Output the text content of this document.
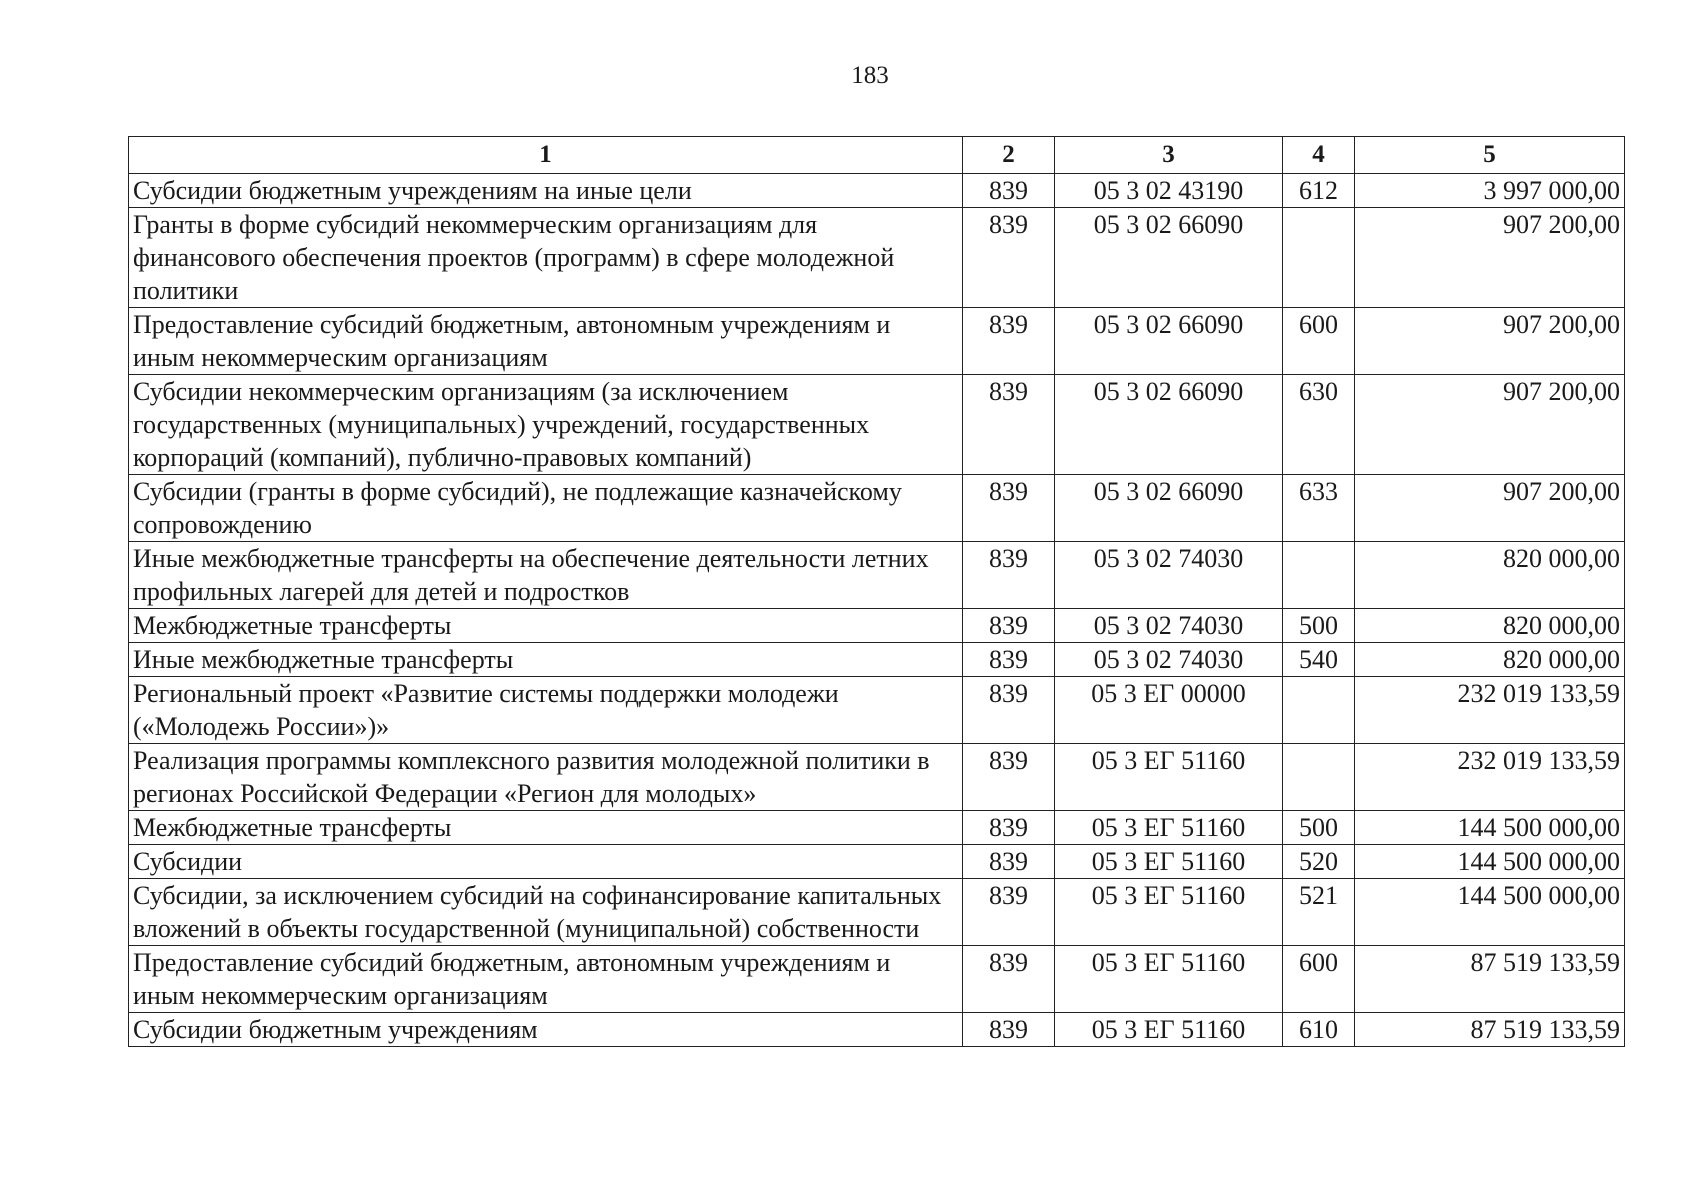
183
1	2	3	4	5
Субсидии бюджетным учреждениям на иные цели	839	05 3 02 43190	612	3 997 000,00
Гранты в форме субсидий некоммерческим организациям для финансового обеспечения проектов (программ) в сфере молодежной политики	839	05 3 02 66090		907 200,00
Предоставление субсидий бюджетным, автономным учреждениям и иным некоммерческим организациям	839	05 3 02 66090	600	907 200,00
Субсидии некоммерческим организациям (за исключением государственных (муниципальных) учреждений, государственных корпораций (компаний), публично-правовых компаний)	839	05 3 02 66090	630	907 200,00
Субсидии (гранты в форме субсидий), не подлежащие казначейскому сопровождению	839	05 3 02 66090	633	907 200,00
Иные межбюджетные трансферты на обеспечение деятельности летних профильных лагерей для детей и подростков	839	05 3 02 74030		820 000,00
Межбюджетные трансферты	839	05 3 02 74030	500	820 000,00
Иные межбюджетные трансферты	839	05 3 02 74030	540	820 000,00
Региональный проект «Развитие системы поддержки молодежи («Молодежь России»)»	839	05 3 ЕГ 00000		232 019 133,59
Реализация программы комплексного развития молодежной политики в регионах Российской Федерации «Регион для молодых»	839	05 3 ЕГ 51160		232 019 133,59
Межбюджетные трансферты	839	05 3 ЕГ 51160	500	144 500 000,00
Субсидии	839	05 3 ЕГ 51160	520	144 500 000,00
Субсидии, за исключением субсидий на софинансирование капитальных вложений в объекты государственной (муниципальной) собственности	839	05 3 ЕГ 51160	521	144 500 000,00
Предоставление субсидий бюджетным, автономным учреждениям и иным некоммерческим организациям	839	05 3 ЕГ 51160	600	87 519 133,59
Субсидии бюджетным учреждениям	839	05 3 ЕГ 51160	610	87 519 133,59
